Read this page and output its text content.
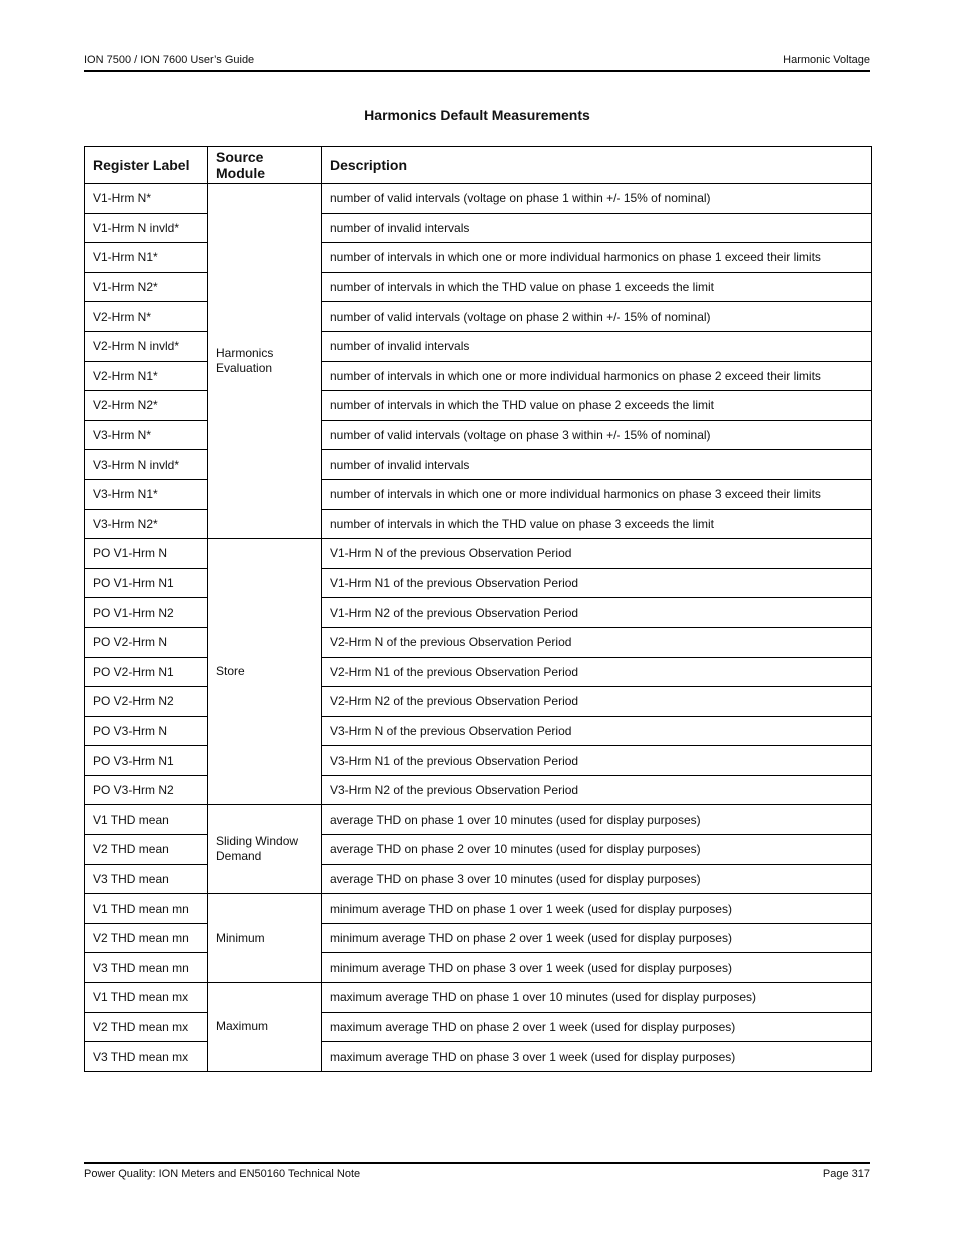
ION 7500 / ION 7600 User’s Guide	Harmonic Voltage
Harmonics Default Measurements
Register Label	Source Module	Description
V1-Hrm N*	Harmonics Evaluation	number of valid intervals (voltage on phase 1 within +/- 15% of nominal)
V1-Hrm N invld*		number of invalid intervals
V1-Hrm N1*		number of intervals in which one or more individual harmonics on phase 1 exceed their limits
V1-Hrm N2*		number of intervals in which the THD value on phase 1 exceeds the limit
V2-Hrm N*		number of valid intervals (voltage on phase 2 within +/- 15% of nominal)
V2-Hrm N invld*		number of invalid intervals
V2-Hrm N1*		number of intervals in which one or more individual harmonics on phase 2 exceed their limits
V2-Hrm N2*		number of intervals in which the THD value on phase 2 exceeds the limit
V3-Hrm N*		number of valid intervals (voltage on phase 3 within +/- 15% of nominal)
V3-Hrm N invld*		number of invalid intervals
V3-Hrm N1*		number of intervals in which one or more individual harmonics on phase 3 exceed their limits
V3-Hrm N2*		number of intervals in which the THD value on phase 3 exceeds the limit
PO V1-Hrm N	Store	V1-Hrm N of the previous Observation Period
PO V1-Hrm N1		V1-Hrm N1 of the previous Observation Period
PO V1-Hrm N2		V1-Hrm N2 of the previous Observation Period
PO V2-Hrm N		V2-Hrm N of the previous Observation Period
PO V2-Hrm N1		V2-Hrm N1 of the previous Observation Period
PO V2-Hrm N2		V2-Hrm N2 of the previous Observation Period
PO V3-Hrm N		V3-Hrm N of the previous Observation Period
PO V3-Hrm N1		V3-Hrm N1 of the previous Observation Period
PO V3-Hrm N2		V3-Hrm N2 of the previous Observation Period
V1 THD mean	Sliding Window Demand	average THD on phase 1 over 10 minutes (used for display purposes)
V2 THD mean		average THD on phase 2 over 10 minutes (used for display purposes)
V3 THD mean		average THD on phase 3 over 10 minutes (used for display purposes)
V1 THD mean mn	Minimum	minimum average THD on phase 1 over 1 week (used for display purposes)
V2 THD mean mn		minimum average THD on phase 2 over 1 week (used for display purposes)
V3 THD mean mn		minimum average THD on phase 3 over 1 week (used for display purposes)
V1 THD mean mx	Maximum	maximum average THD on phase 1 over 10 minutes (used for display purposes)
V2 THD mean mx		maximum average THD on phase 2 over 1 week (used for display purposes)
V3 THD mean mx		maximum average THD on phase 3 over 1 week (used for display purposes)
Power Quality: ION Meters and EN50160 Technical Note	Page 317
